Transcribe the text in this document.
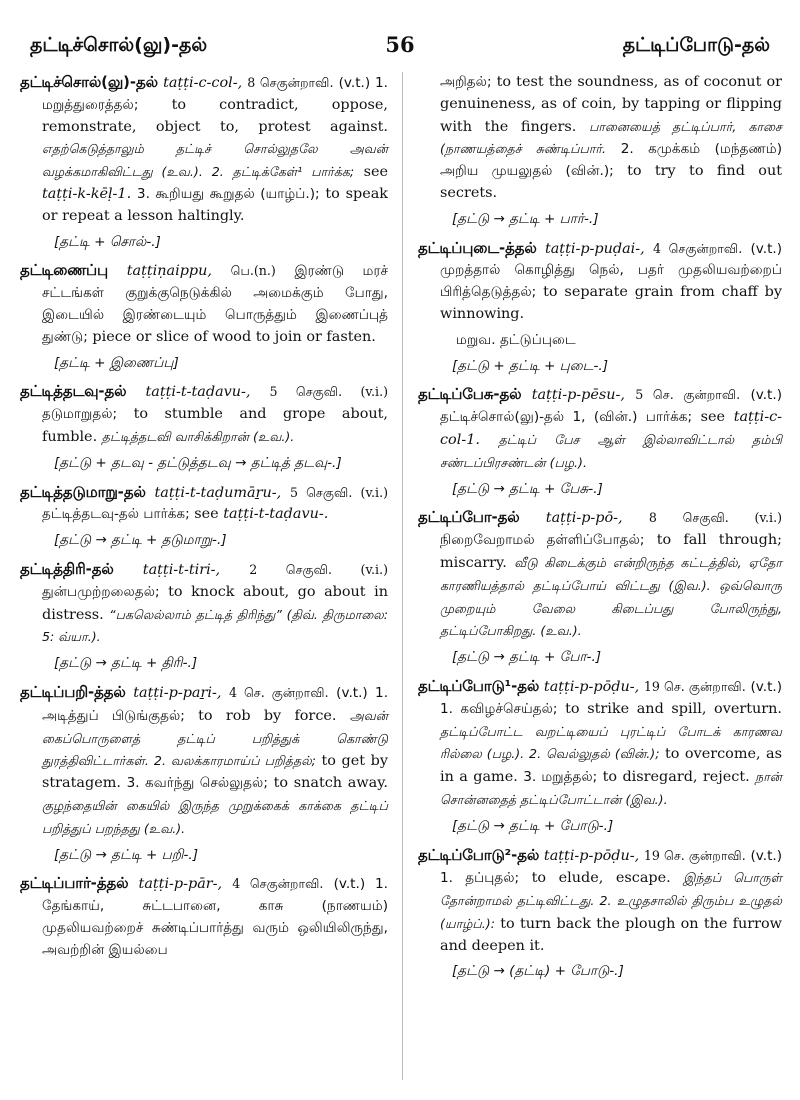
தட்டிச்சொல்(லு)-தல்	56	தட்டிப்போடு-தல்
தட்டிச்சொல்(லு)-தல் taṭṭi-c-col-, 8 செகுன்றாவி. (v.t.) 1. மறுத்துரைத்தல்; to contradict, oppose, remonstrate, object to, protest against. எதற்கெடுத்தாலும் தட்டிச் சொல்லுதலே அவன் வழக்கமாகிவிட்டது (உவ.). 2. தட்டிக்கேள்¹ பார்க்க; see taṭṭi-k-kēḷ-1. 3. கூறியது கூறுதல் (யாழ்ப்.); to speak or repeat a lesson haltingly.
[தட்டி + சொல்-.]
தட்டிணைப்பு taṭṭiṇaippu, பெ.(n.) இரண்டு மரச் சட்டங்கள் குறுக்குநெடுக்கில் அமைக்கும் போது, இடையில் இரண்டையும் பொருத்தும் இணைப்புத் துண்டு; piece or slice of wood to join or fasten.
[தட்டி + இணைப்பு]
தட்டித்தடவு-தல் taṭṭi-t-taḍavu-, 5 செகுவி. (v.i.) தடுமாறுதல்; to stumble and grope about, fumble. தட்டித்தடவி வாசிக்கிறான் (உவ.).
[தட்டு + தடவு - தட்டுத்தடவு → தட்டித் தடவு-.]
தட்டித்தடுமாறு-தல் taṭṭi-t-taḍumāṟu-, 5 செகுவி. (v.i.) தட்டித்தடவு-தல் பார்க்க; see taṭṭi-t-taḍavu-.
[தட்டு → தட்டி + தடுமாறு-.]
தட்டித்திரி-தல் taṭṭi-t-tiri-, 2 செகுவி. (v.i.) துன்பமுற்றலைதல்; to knock about, go about in distress. “பகலெல்லாம் தட்டித் திரிந்து” (திவ். திருமாலை: 5: வ்யா.).
[தட்டு → தட்டி + திரி-.]
தட்டிப்பறி-த்தல் taṭṭi-p-paṟi-, 4 செ. குன்றாவி. (v.t.) 1. அடித்துப் பிடுங்குதல்; to rob by force. அவன் கைப்பொருளைத் தட்டிப் பறித்துக் கொண்டு துரத்திவிட்டார்கள். 2. வலக்காரமாய்ப் பறித்தல்; to get by stratagem. 3. கவர்ந்து செல்லுதல்; to snatch away. குழந்தையின் கையில் இருந்த முறுக்கைக் காக்கை தட்டிப் பறித்துப் பறந்தது (உவ.).
[தட்டு → தட்டி + பறி-.]
தட்டிப்பார்-த்தல் taṭṭi-p-pār-, 4 செகுன்றாவி. (v.t.) 1. தேங்காய், சுட்டபானை, காசு (நாணயம்) முதலியவற்றைச் சுண்டிப்பார்த்து வரும் ஒலியிலிருந்து, அவற்றின் இயல்பை
அறிதல்; to test the soundness, as of coconut or genuineness, as of coin, by tapping or flipping with the fingers. பானையைத் தட்டிப்பார், காசை (நாணயத்தைச் சுண்டிப்பார். 2. கமுக்கம் (மந்தணம்) அறிய முயலுதல் (வின்.); to try to find out secrets.
[தட்டு → தட்டி + பார்-.]
தட்டிப்புடை-த்தல் taṭṭi-p-puḍai-, 4 செகுன்றாவி. (v.t.) முறத்தால் கொழித்து நெல், பதர் முதலியவற்றைப் பிரித்தெடுத்தல்; to separate grain from chaff by winnowing.
மறுவ. தட்டுப்புடை
[தட்டு + தட்டி + புடை-.]
தட்டிப்பேசு-தல் taṭṭi-p-pēsu-, 5 செ. குன்றாவி. (v.t.) தட்டிச்சொல்(லு)-தல் 1, (வின்.) பார்க்க; see taṭṭi-c-col-1. தட்டிப் பேச ஆள் இல்லாவிட்டால் தம்பி சண்டப்பிரசண்டன் (பழ.).
[தட்டு → தட்டி + பேசு-.]
தட்டிப்போ-தல் taṭṭi-p-pō-, 8 செகுவி. (v.i.) நிறைவேறாமல் தள்ளிப்போதல்; to fall through; miscarry. வீடு கிடைக்கும் என்றிருந்த கட்டத்தில், ஏதோ காரணியத்தால் தட்டிப்போய் விட்டது (இவ.). ஒவ்வொரு முறையும் வேலை கிடைப்பது போலிருந்து, தட்டிப்போகிறது. (உவ.).
[தட்டு → தட்டி + போ-.]
தட்டிப்போடு¹-தல் taṭṭi-p-pōḍu-, 19 செ. குன்றாவி. (v.t.) 1. கவிழச்செய்தல்; to strike and spill, overturn. தட்டிப்போட்ட வறட்டியைப் புரட்டிப் போடக் காரணவ ரில்லை (பழ.). 2. வெல்லுதல் (வின்.); to overcome, as in a game. 3. மறுத்தல்; to disregard, reject. நான் சொன்னதைத் தட்டிப்போட்டான் (இவ.).
[தட்டு → தட்டி + போடு-.]
தட்டிப்போடு²-தல் taṭṭi-p-pōḍu-, 19 செ. குன்றாவி. (v.t.) 1. தப்புதல்; to elude, escape. இந்தப் பொருள் தோன்றாமல் தட்டிவிட்டது. 2. உழுதசாலில் திரும்ப உழுதல் (யாழ்ப்.): to turn back the plough on the furrow and deepen it.
[தட்டு → (தட்டி) + போடு-.]
